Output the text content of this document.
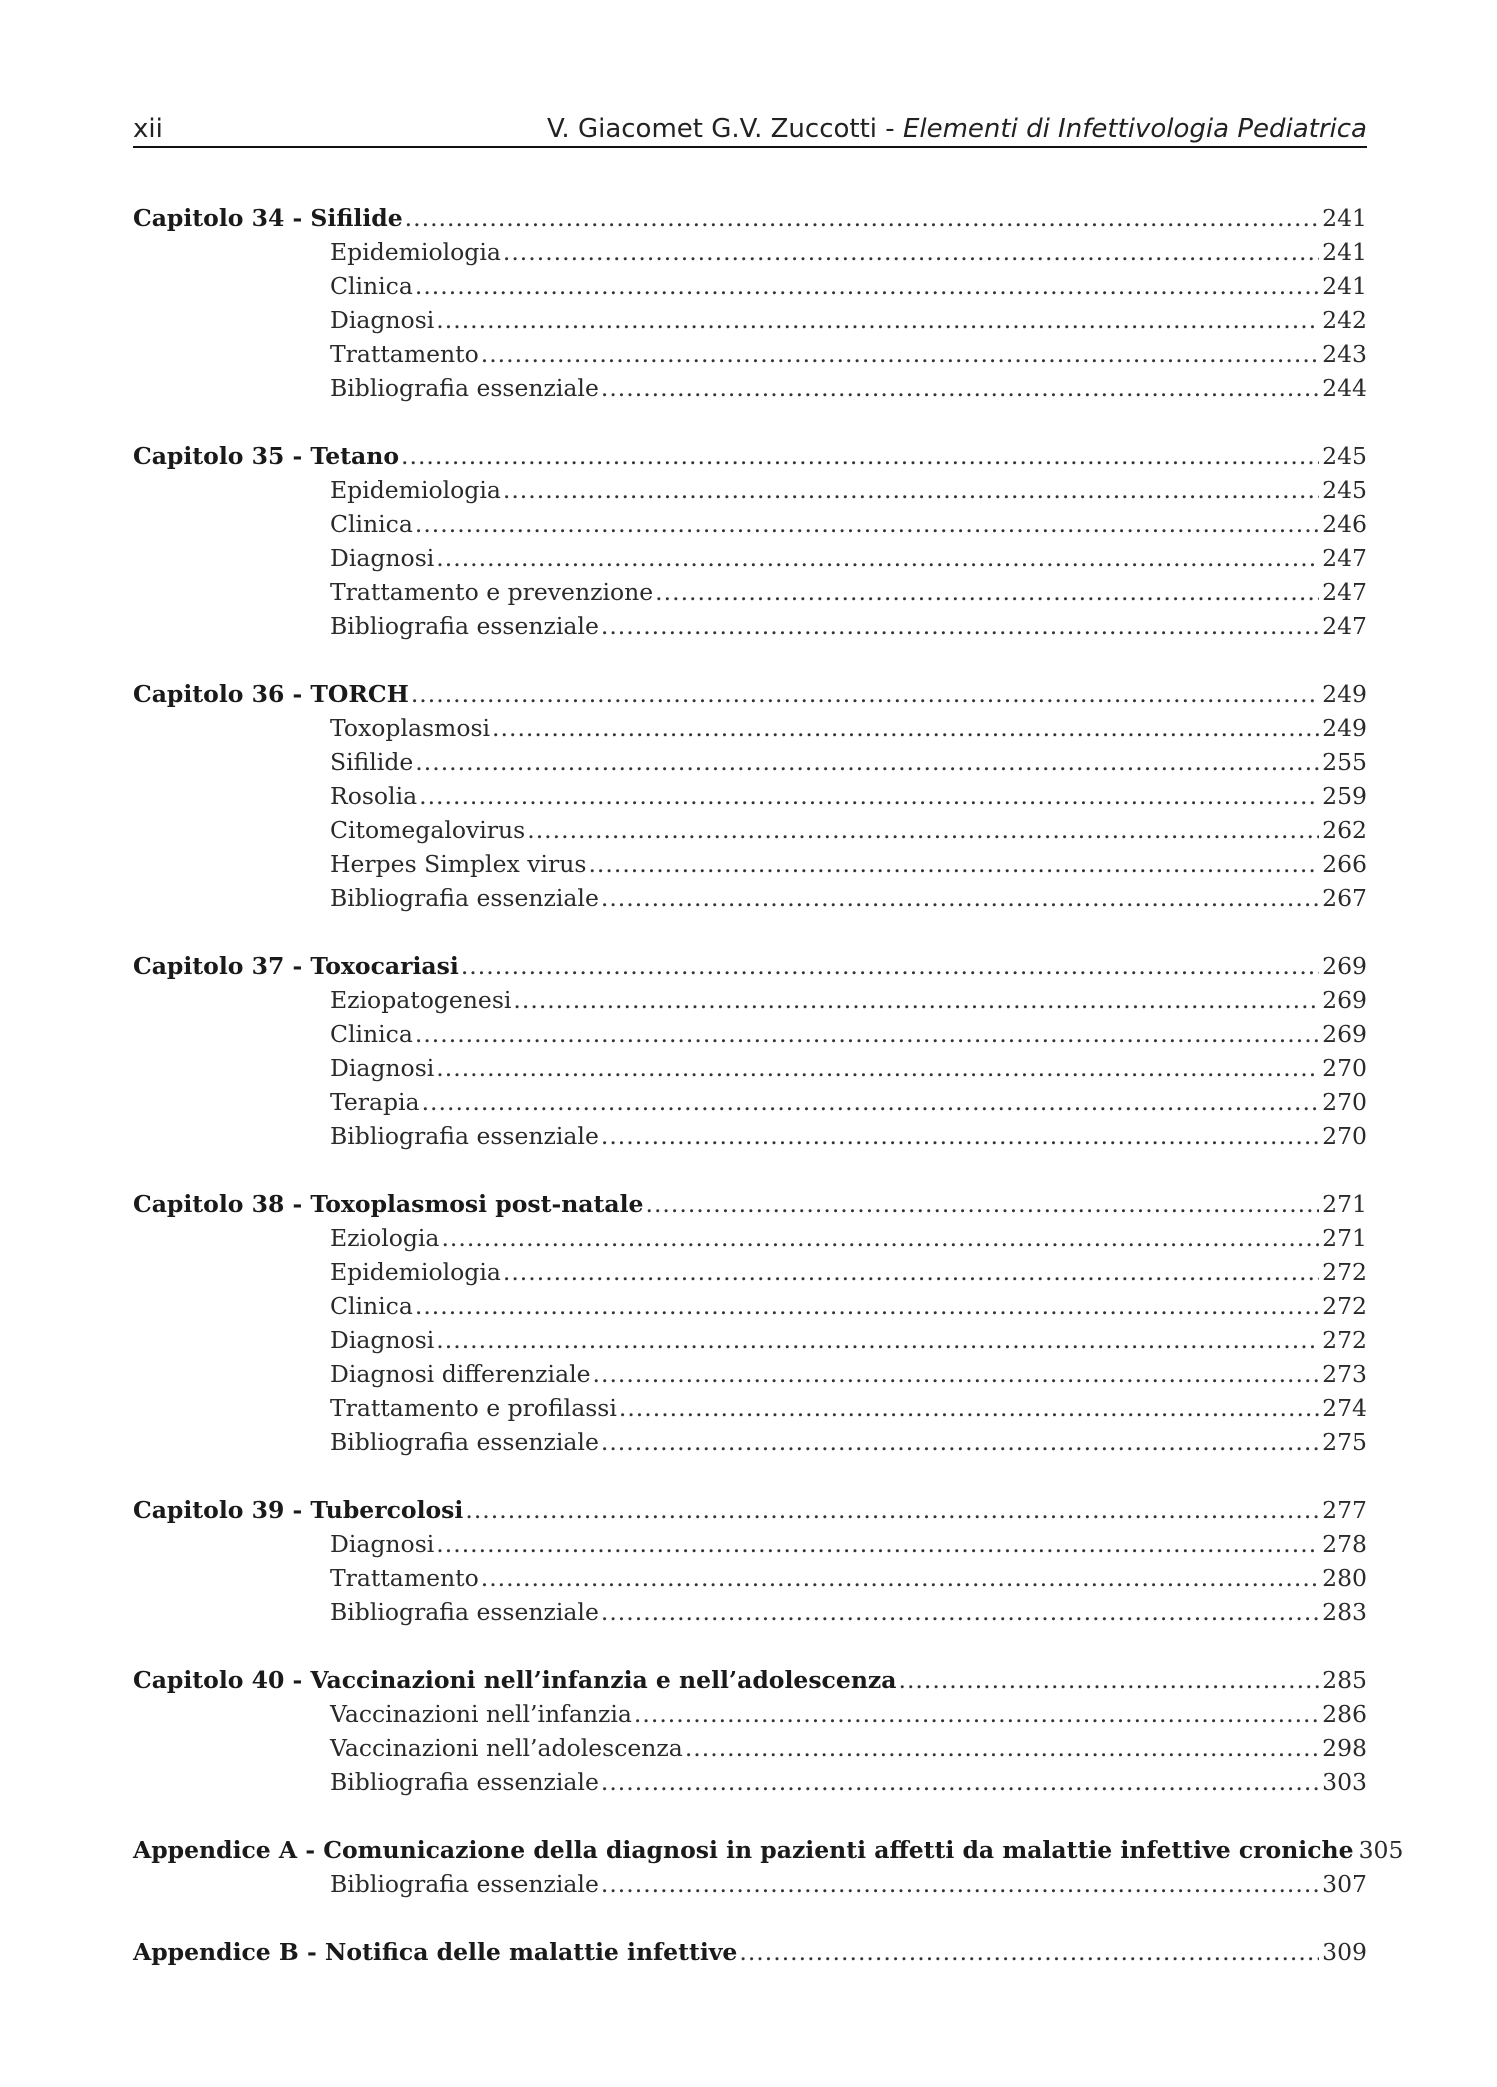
xii	V. Giacomet G.V. Zuccotti - Elementi di Infettivologia Pediatrica
Capitolo 34 - Sifilide .....	241
Epidemiologia .....	241
Clinica .....	241
Diagnosi .....	242
Trattamento .....	243
Bibliografia essenziale .....	244
Capitolo 35 - Tetano .....	245
Epidemiologia .....	245
Clinica .....	246
Diagnosi .....	247
Trattamento e prevenzione .....	247
Bibliografia essenziale .....	247
Capitolo 36 - TORCH .....	249
Toxoplasmosi .....	249
Sifilide .....	255
Rosolia .....	259
Citomegalovirus .....	262
Herpes Simplex virus .....	266
Bibliografia essenziale .....	267
Capitolo 37 - Toxocariasi .....	269
Eziopatogenesi .....	269
Clinica .....	269
Diagnosi .....	270
Terapia .....	270
Bibliografia essenziale .....	270
Capitolo 38 - Toxoplasmosi post-natale .....	271
Eziologia .....	271
Epidemiologia .....	272
Clinica .....	272
Diagnosi .....	272
Diagnosi differenziale .....	273
Trattamento e profilassi .....	274
Bibliografia essenziale .....	275
Capitolo 39 - Tubercolosi .....	277
Diagnosi .....	278
Trattamento .....	280
Bibliografia essenziale .....	283
Capitolo 40 - Vaccinazioni nell’infanzia e nell’adolescenza .....	285
Vaccinazioni nell’infanzia .....	286
Vaccinazioni nell’adolescenza .....	298
Bibliografia essenziale .....	303
Appendice A - Comunicazione della diagnosi in pazienti affetti da malattie infettive croniche 305
Bibliografia essenziale .....	307
Appendice B - Notifica delle malattie infettive .....	309
